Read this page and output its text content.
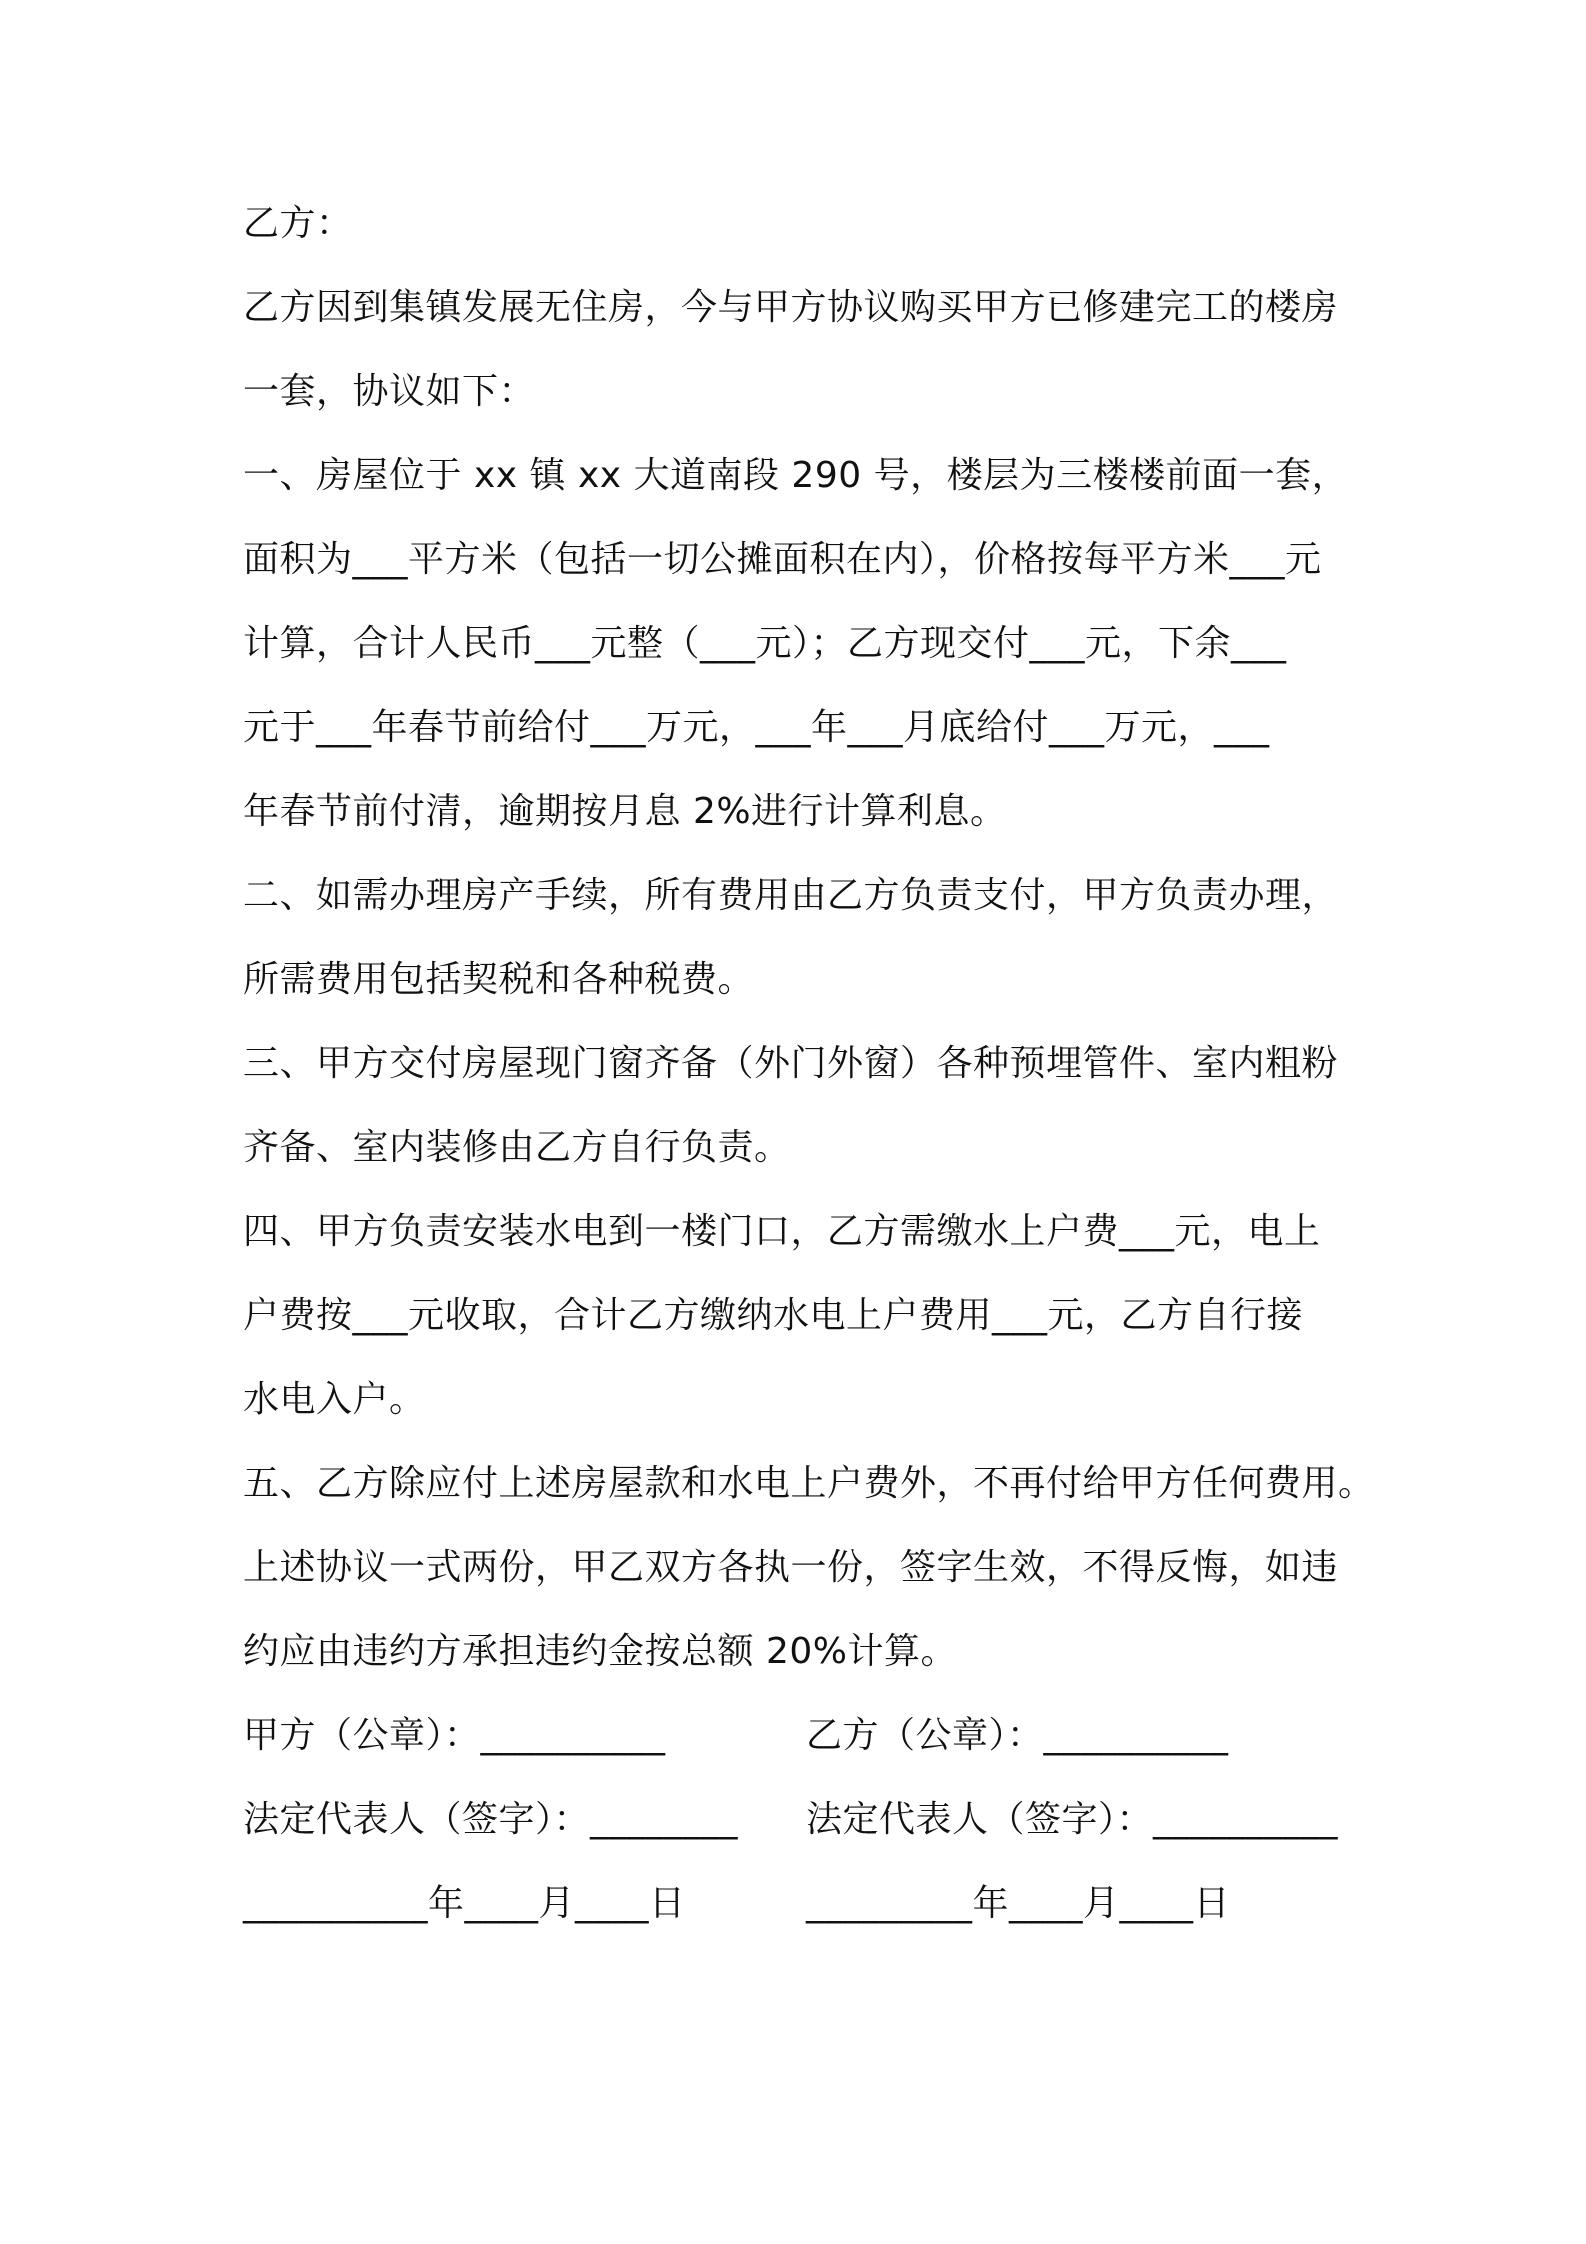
乙方：
乙方因到集镇发展无住房，今与甲方协议购买甲方已修建完工的楼房
一套，协议如下：
一、房屋位于 xx 镇 xx 大道南段 290 号，楼层为三楼楼前面一套，
面积为___平方米（包括一切公摊面积在内），价格按每平方米___元
计算，合计人民币___元整（___元）；乙方现交付___元，下余___
元于___年春节前给付___万元，___年___月底给付___万元，___
年春节前付清，逾期按月息 2%进行计算利息。
二、如需办理房产手续，所有费用由乙方负责支付，甲方负责办理，
所需费用包括契税和各种税费。
三、甲方交付房屋现门窗齐备（外门外窗）各种预埋管件、室内粗粉
齐备、室内装修由乙方自行负责。
四、甲方负责安装水电到一楼门口，乙方需缴水上户费___元，电上
户费按___元收取，合计乙方缴纳水电上户费用___元，乙方自行接
水电入户。
五、乙方除应付上述房屋款和水电上户费外，不再付给甲方任何费用。
上述协议一式两份，甲乙双方各执一份，签字生效，不得反悔，如违
约应由违约方承担违约金按总额 20%计算。
甲方（公章）：__________	乙方（公章）：__________
法定代表人（签字）：________ 法定代表人（签字）：__________
__________年____月____日	_________年____月____日
